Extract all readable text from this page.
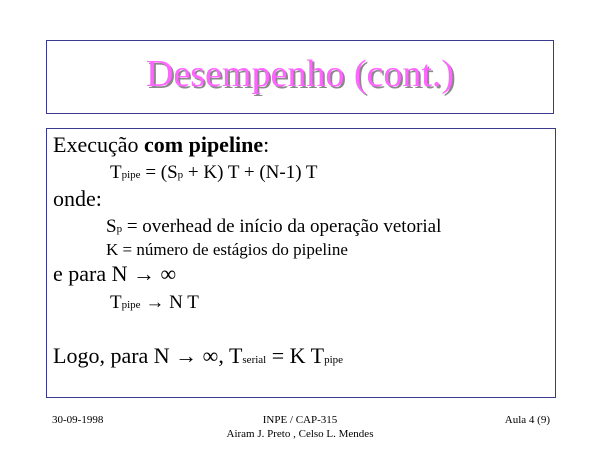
Desempenho (cont.)
Execução com pipeline:
Tpipe = (Sp + K) T + (N-1) T
onde:
Sp = overhead de início da operação vetorial
K = número de estágios do pipeline
e para N → ∞
Tpipe → N T
Logo, para N → ∞, Tserial = K Tpipe
30-09-1998	INPE / CAP-315
Airam J. Preto , Celso L. Mendes
Aula 4 (9)
